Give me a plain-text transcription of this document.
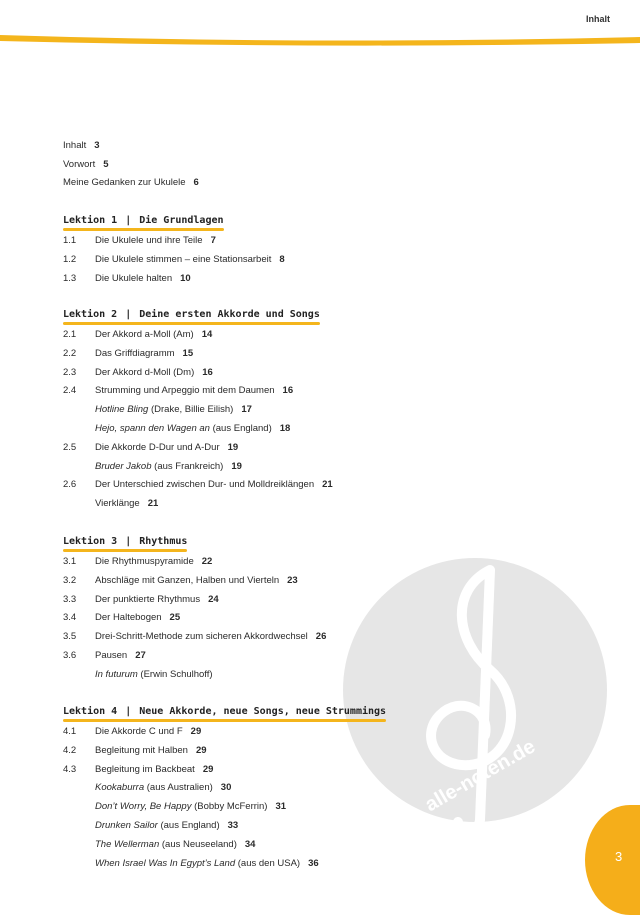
Inhalt
alle-noten.de
Inhalt 3
Vorwort 5
Meine Gedanken zur Ukulele 6
Lektion 1 | Die Grundlagen
1.1 Die Ukulele und ihre Teile 7
1.2 Die Ukulele stimmen – eine Stationsarbeit 8
1.3 Die Ukulele halten 10
Lektion 2 | Deine ersten Akkorde und Songs
2.1 Der Akkord a-Moll (Am) 14
2.2 Das Griffdiagramm 15
2.3 Der Akkord d-Moll (Dm) 16
2.4 Strumming und Arpeggio mit dem Daumen 16
Hotline Bling (Drake, Billie Eilish) 17
Hejo, spann den Wagen an (aus England) 18
2.5 Die Akkorde D-Dur und A-Dur 19
Bruder Jakob (aus Frankreich) 19
2.6 Der Unterschied zwischen Dur- und Molldreiklängen 21
Vierklänge 21
Lektion 3 | Rhythmus
3.1 Die Rhythmuspyramide 22
3.2 Abschläge mit Ganzen, Halben und Vierteln 23
3.3 Der punktierte Rhythmus 24
3.4 Der Haltebogen 25
3.5 Drei-Schritt-Methode zum sicheren Akkordwechsel 26
3.6 Pausen 27
In futurum (Erwin Schulhoff)
Lektion 4 | Neue Akkorde, neue Songs, neue Strummings
4.1 Die Akkorde C und F 29
4.2 Begleitung mit Halben 29
4.3 Begleitung im Backbeat 29
Kookaburra (aus Australien) 30
Don’t Worry, Be Happy (Bobby McFerrin) 31
Drunken Sailor (aus England) 33
The Wellerman (aus Neuseeland) 34
When Israel Was In Egypt’s Land (aus den USA) 36	3
